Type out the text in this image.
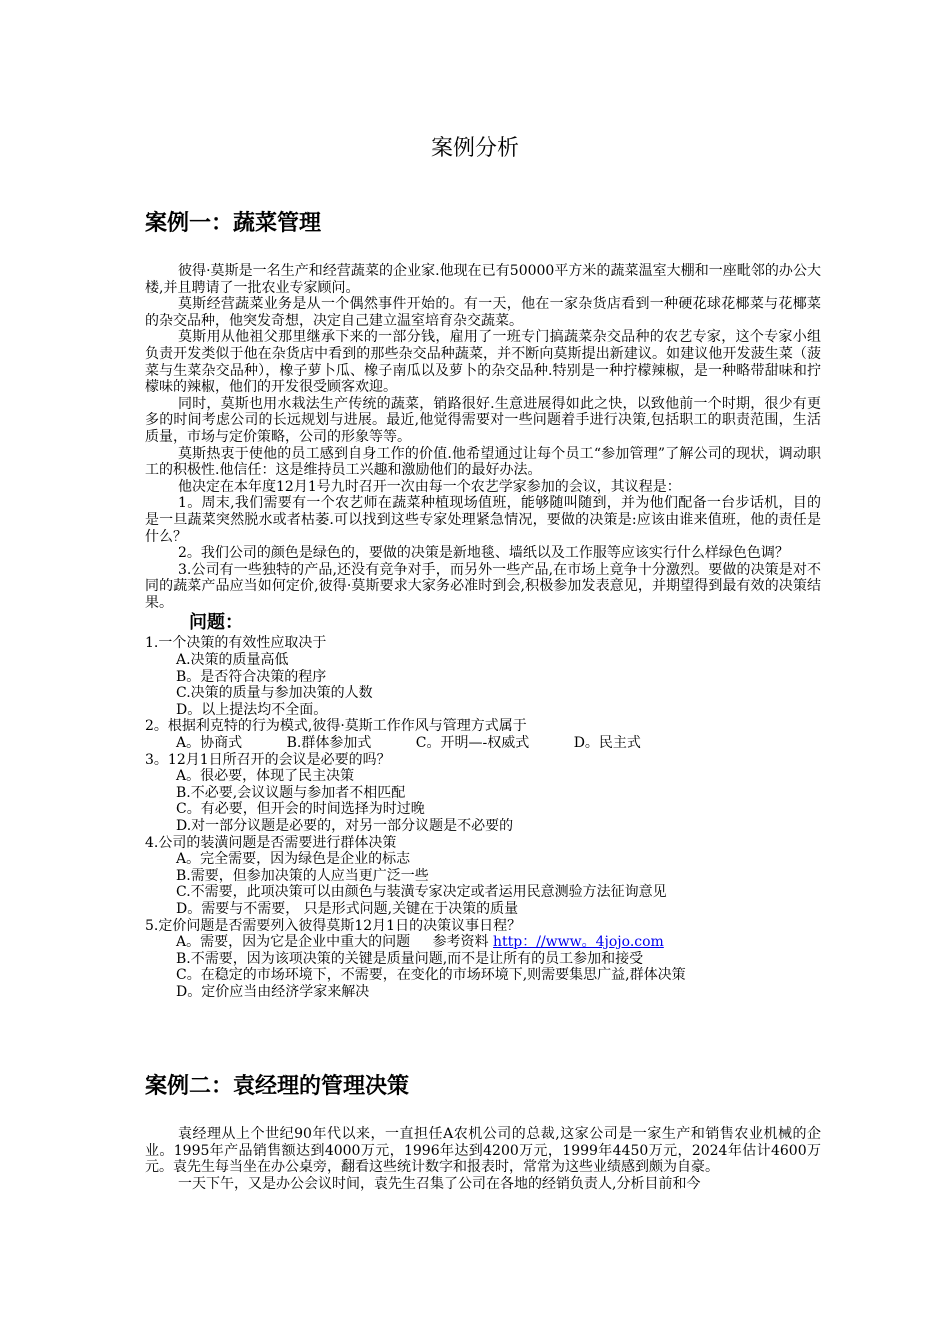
案例分析
案例一：蔬菜管理

彼得·莫斯是一名生产和经营蔬菜的企业家.他现在已有50000平方米的蔬菜温室大棚和一座毗邻的办公大楼,并且聘请了一批农业专家顾问。

莫斯经营蔬菜业务是从一个偶然事件开始的。有一天，他在一家杂货店看到一种硬花球花椰菜与花椰菜的杂交品种，他突发奇想，决定自己建立温室培育杂交蔬菜。

莫斯用从他祖父那里继承下来的一部分钱，雇用了一班专门搞蔬菜杂交品种的农艺专家，这个专家小组负责开发类似于他在杂货店中看到的那些杂交品种蔬菜，并不断向莫斯提出新建议。如建议他开发菠生菜（菠菜与生菜杂交品种），橡子萝卜瓜、橡子南瓜以及萝卜的杂交品种.特别是一种拧檬辣椒，是一种略带甜味和拧檬味的辣椒，他们的开发很受顾客欢迎。

同时，莫斯也用水栽法生产传统的蔬菜，销路很好.生意进展得如此之快，以致他前一个时期，很少有更多的时间考虑公司的长远规划与进展。最近,他觉得需要对一些问题着手进行决策,包括职工的职责范围，生活质量，市场与定价策略，公司的形象等等。

莫斯热衷于使他的员工感到自身工作的价值.他希望通过让每个员工“参加管理”了解公司的现状，调动职工的积极性.他信任：这是维持员工兴趣和激励他们的最好办法。

他决定在本年度12月1号九时召开一次由每一个农艺学家参加的会议，其议程是：

1。周末,我们需要有一个农艺师在蔬菜种植现场值班，能够随叫随到，并为他们配备一台步话机，目的是一旦蔬菜突然脱水或者枯萎.可以找到这些专家处理紧急情况，要做的决策是:应该由谁来值班，他的责任是什么？

2。我们公司的颜色是绿色的，要做的决策是新地毯、墙纸以及工作服等应该实行什么样绿色色调？

3.公司有一些独特的产品,还没有竞争对手，而另外一些产品,在市场上竟争十分激烈。要做的决策是对不同的蔬菜产品应当如何定价,彼得·莫斯要求大家务必准时到会,积极参加发表意见，并期望得到最有效的决策结果。

问题：

1.一个决策的有效性应取决于

A.决策的质量高低

B。是否符合决策的程序

C.决策的质量与参加决策的人数

D。以上提法均不全面。

2。根据利克特的行为模式,彼得·莫斯工作作风与管理方式属于

A。协商式	B.群体参加式	C。开明—-权威式	D。民主式

3。12月1日所召开的会议是必要的吗？

A。很必要，体现了民主决策

B.不必要,会议议题与参加者不相匹配

C。有必要，但开会的时间选择为时过晚

D.对一部分议题是必要的，对另一部分议题是不必要的

4.公司的装潢问题是否需要进行群体决策

A。完全需要，因为绿色是企业的标志

B.需要，但参加决策的人应当更广泛一些

C.不需要，此项决策可以由颜色与装潢专家决定或者运用民意测验方法征询意见

D。需要与不需要， 只是形式问题,关键在于决策的质量

5.定价问题是否需要列入彼得莫斯12月1日的决策议事日程？

A。需要，因为它是企业中重大的问题 参考资料 http：//www。4jojo.com

B.不需要，因为该项决策的关键是质量问题,而不是让所有的员工参加和接受

C。在稳定的市场环境下，不需要，在变化的市场环境下,则需要集思广益,群体决策

D。定价应当由经济学家来解决

案例二：袁经理的管理决策

袁经理从上个世纪90年代以来，一直担任A农机公司的总裁,这家公司是一家生产和销售农业机械的企业。1995年产品销售额达到4000万元，1996年达到4200万元，1999年4450万元，2024年估计4600万元。袁先生每当坐在办公桌旁，翻看这些统计数字和报表时，常常为这些业绩感到颇为自豪。

一天下午，又是办公会议时间，袁先生召集了公司在各地的经销负责人,分析目前和今
